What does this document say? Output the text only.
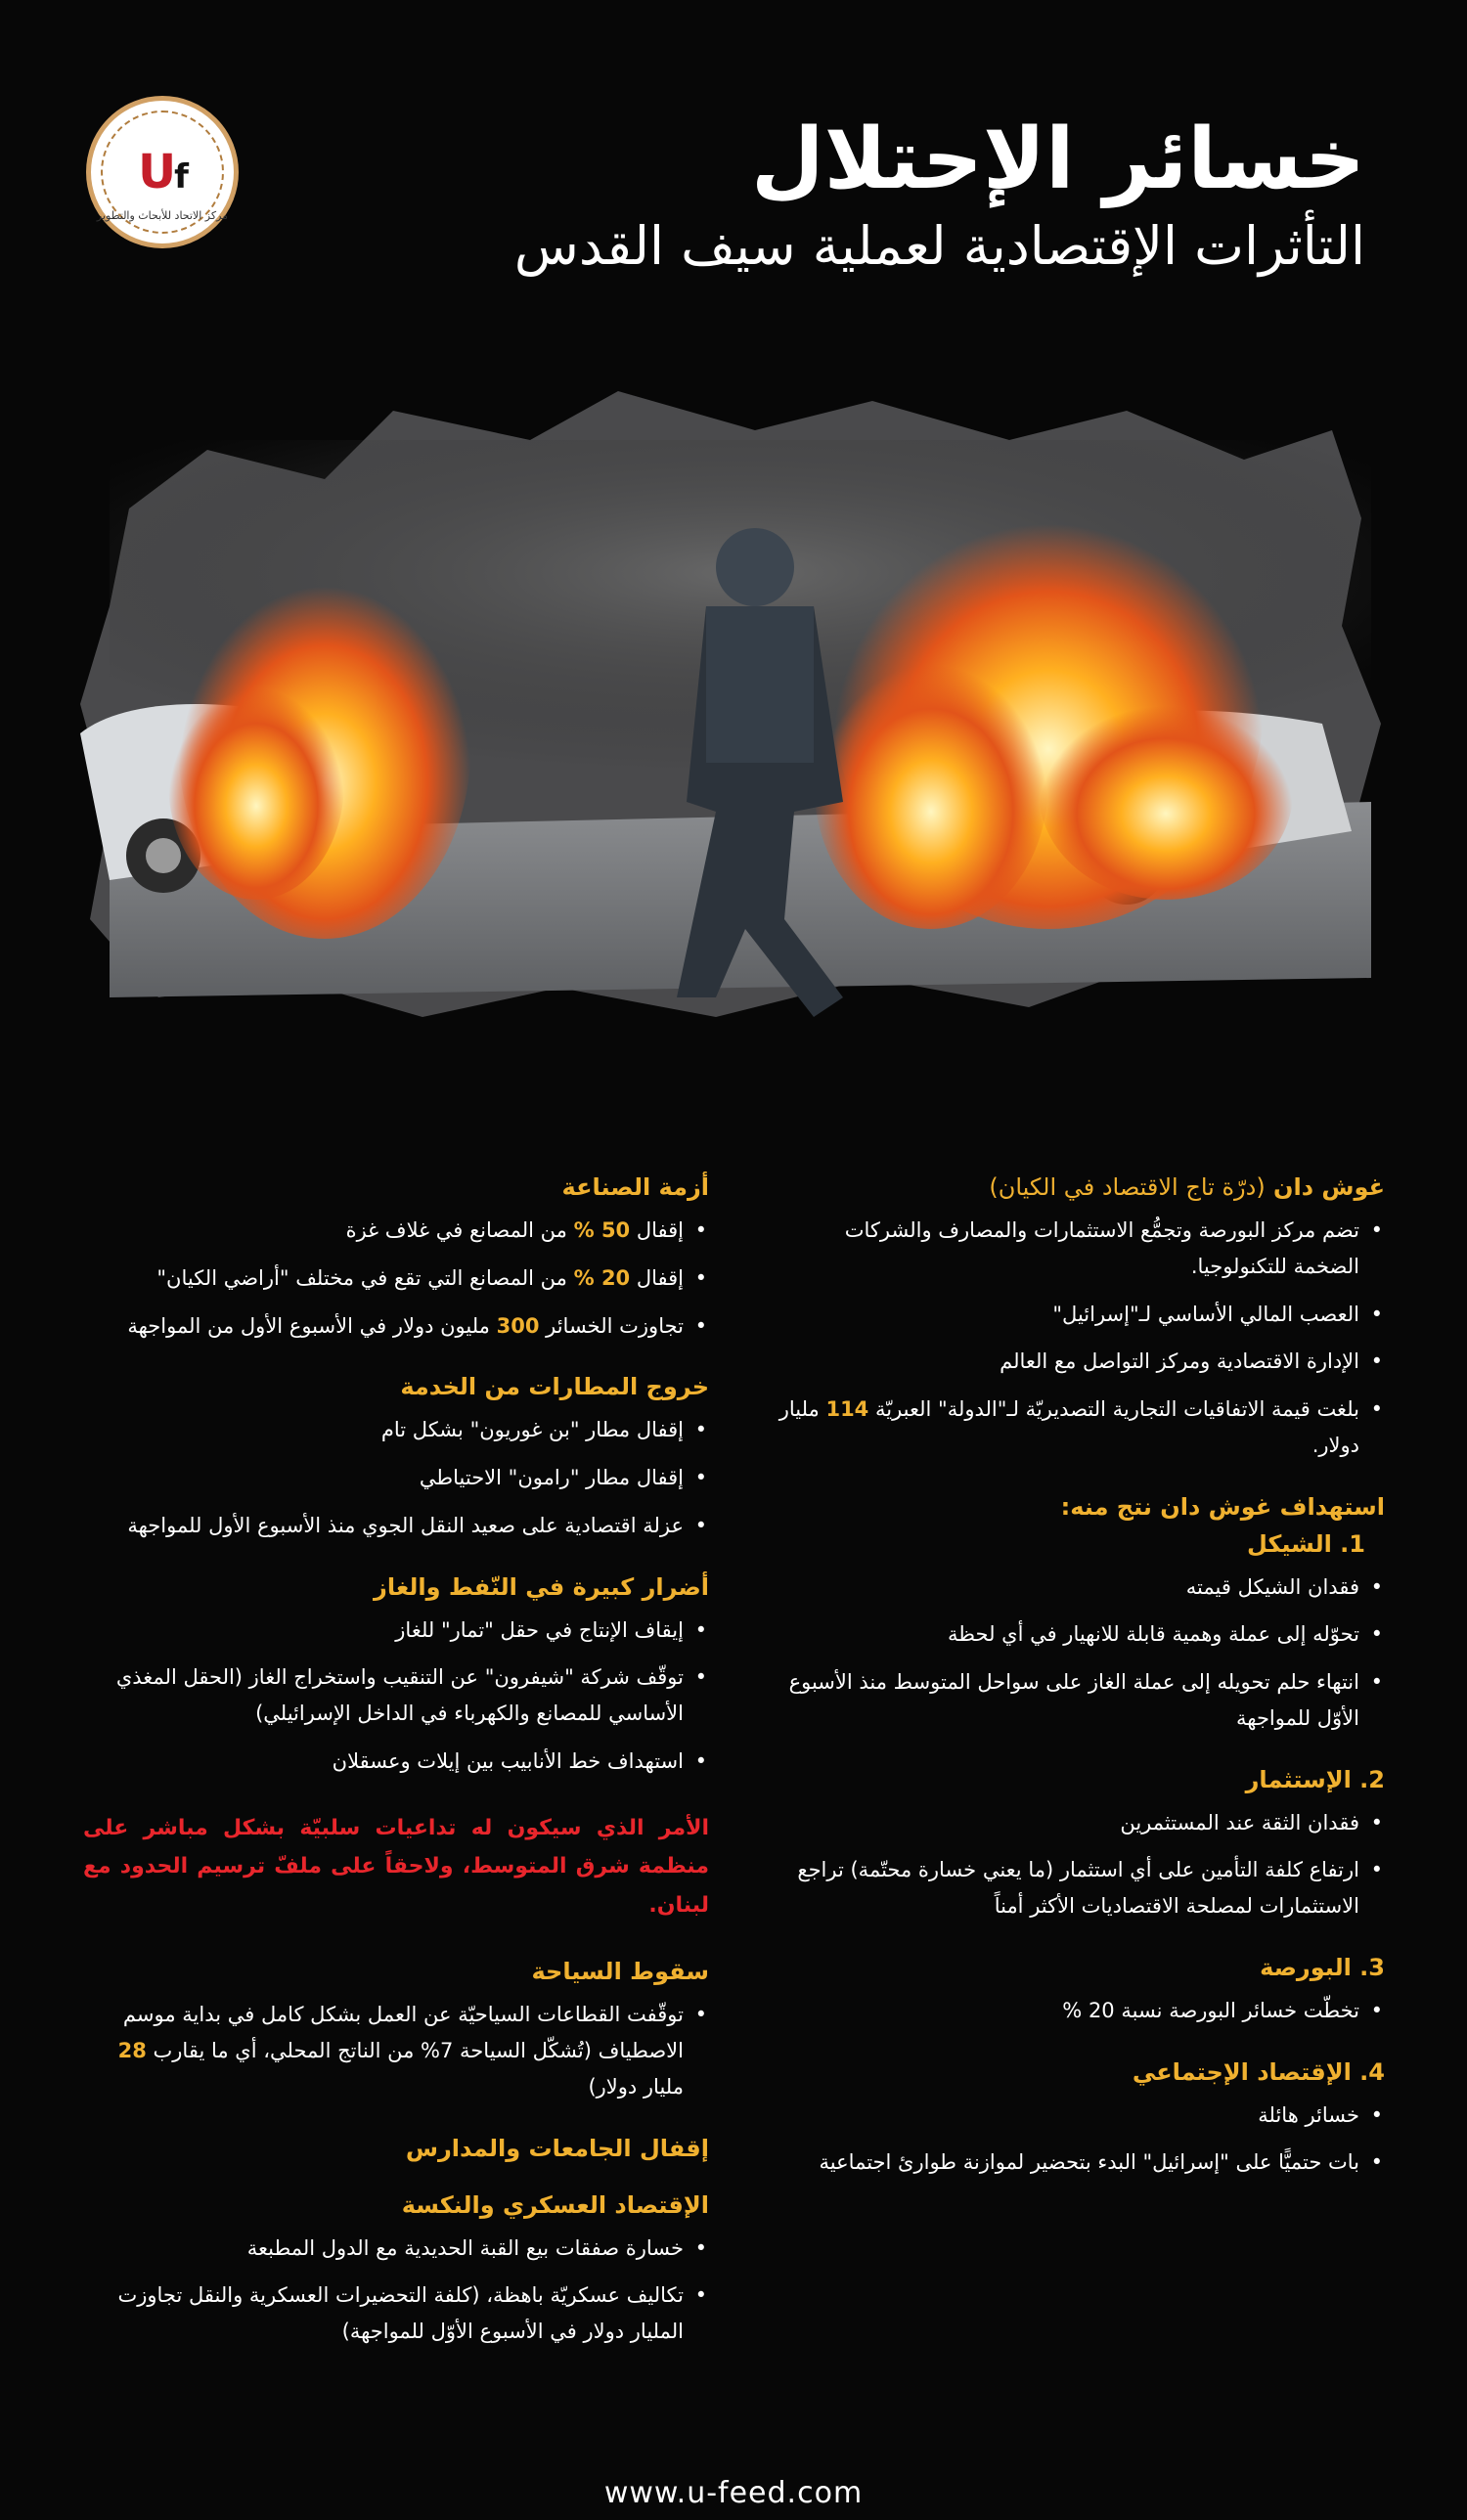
Uf
مركز الاتحاد للأبحاث والتطوير
خسائر الإحتلال
التأثرات الإقتصادية لعملية سيف القدس
أزمة الصناعة
• إقفال 50 % من المصانع في غلاف غزة
• إقفال 20 % من المصانع التي تقع في مختلف "أراضي الكيان"
• تجاوزت الخسائر 300 مليون دولار في الأسبوع الأول من المواجهة
خروج المطارات من الخدمة
• إقفال مطار "بن غوريون" بشكل تام
• إقفال مطار "رامون" الاحتياطي
• عزلة اقتصادية على صعيد النقل الجوي منذ الأسبوع الأول للمواجهة
أضرار كبيرة في النّفط والغاز
• إيقاف الإنتاج في حقل "تمار" للغاز
• توقّف شركة "شيفرون" عن التنقيب واستخراج الغاز (الحقل المغذي الأساسي للمصانع والكهرباء في الداخل الإسرائيلي)
• استهداف خط الأنابيب بين إيلات وعسقلان

الأمر الذي سيكون له تداعيات سلبيّة بشكل مباشر على منظمة شرق المتوسط، ولاحقاً على ملفّ ترسيم الحدود مع لبنان.

سقوط السياحة
• توقّفت القطاعات السياحيّة عن العمل بشكل كامل في بداية موسم الاصطياف (تُشكّل السياحة 7% من الناتج المحلي، أي ما يقارب 28 مليار دولار)
إقفال الجامعات والمدارس
الإقتصاد العسكري والنكسة
• خسارة صفقات بيع القبة الحديدية مع الدول المطبعة
• تكاليف عسكريّة باهظة، (كلفة التحضيرات العسكرية والنقل تجاوزت المليار دولار في الأسبوع الأوّل للمواجهة)
غوش دان (درّة تاج الاقتصاد في الكيان)
• تضم مركز البورصة وتجمُّع الاستثمارات والمصارف والشركات الضخمة للتكنولوجيا.
• العصب المالي الأساسي لـ"إسرائيل"
• الإدارة الاقتصادية ومركز التواصل مع العالم
• بلغت قيمة الاتفاقيات التجارية التصديريّة لـ"الدولة" العبريّة 114 مليار دولار.

استهداف غوش دان نتج منه:

1. الشيكل
• فقدان الشيكل قيمته
• تحوّله إلى عملة وهمية قابلة للانهيار في أي لحظة
• انتهاء حلم تحويله إلى عملة الغاز على سواحل المتوسط منذ الأسبوع الأوّل للمواجهة
2. الإستثمار
• فقدان الثقة عند المستثمرين
• ارتفاع كلفة التأمين على أي استثمار (ما يعني خسارة محتّمة) تراجع الاستثمارات لمصلحة الاقتصاديات الأكثر أمناً
3. البورصة
• تخطّت خسائر البورصة نسبة 20 %
4. الإقتصاد الإجتماعي
• خسائر هائلة
• بات حتميًّا على "إسرائيل" البدء بتحضير لموازنة طوارئ اجتماعية
www.u-feed.com
